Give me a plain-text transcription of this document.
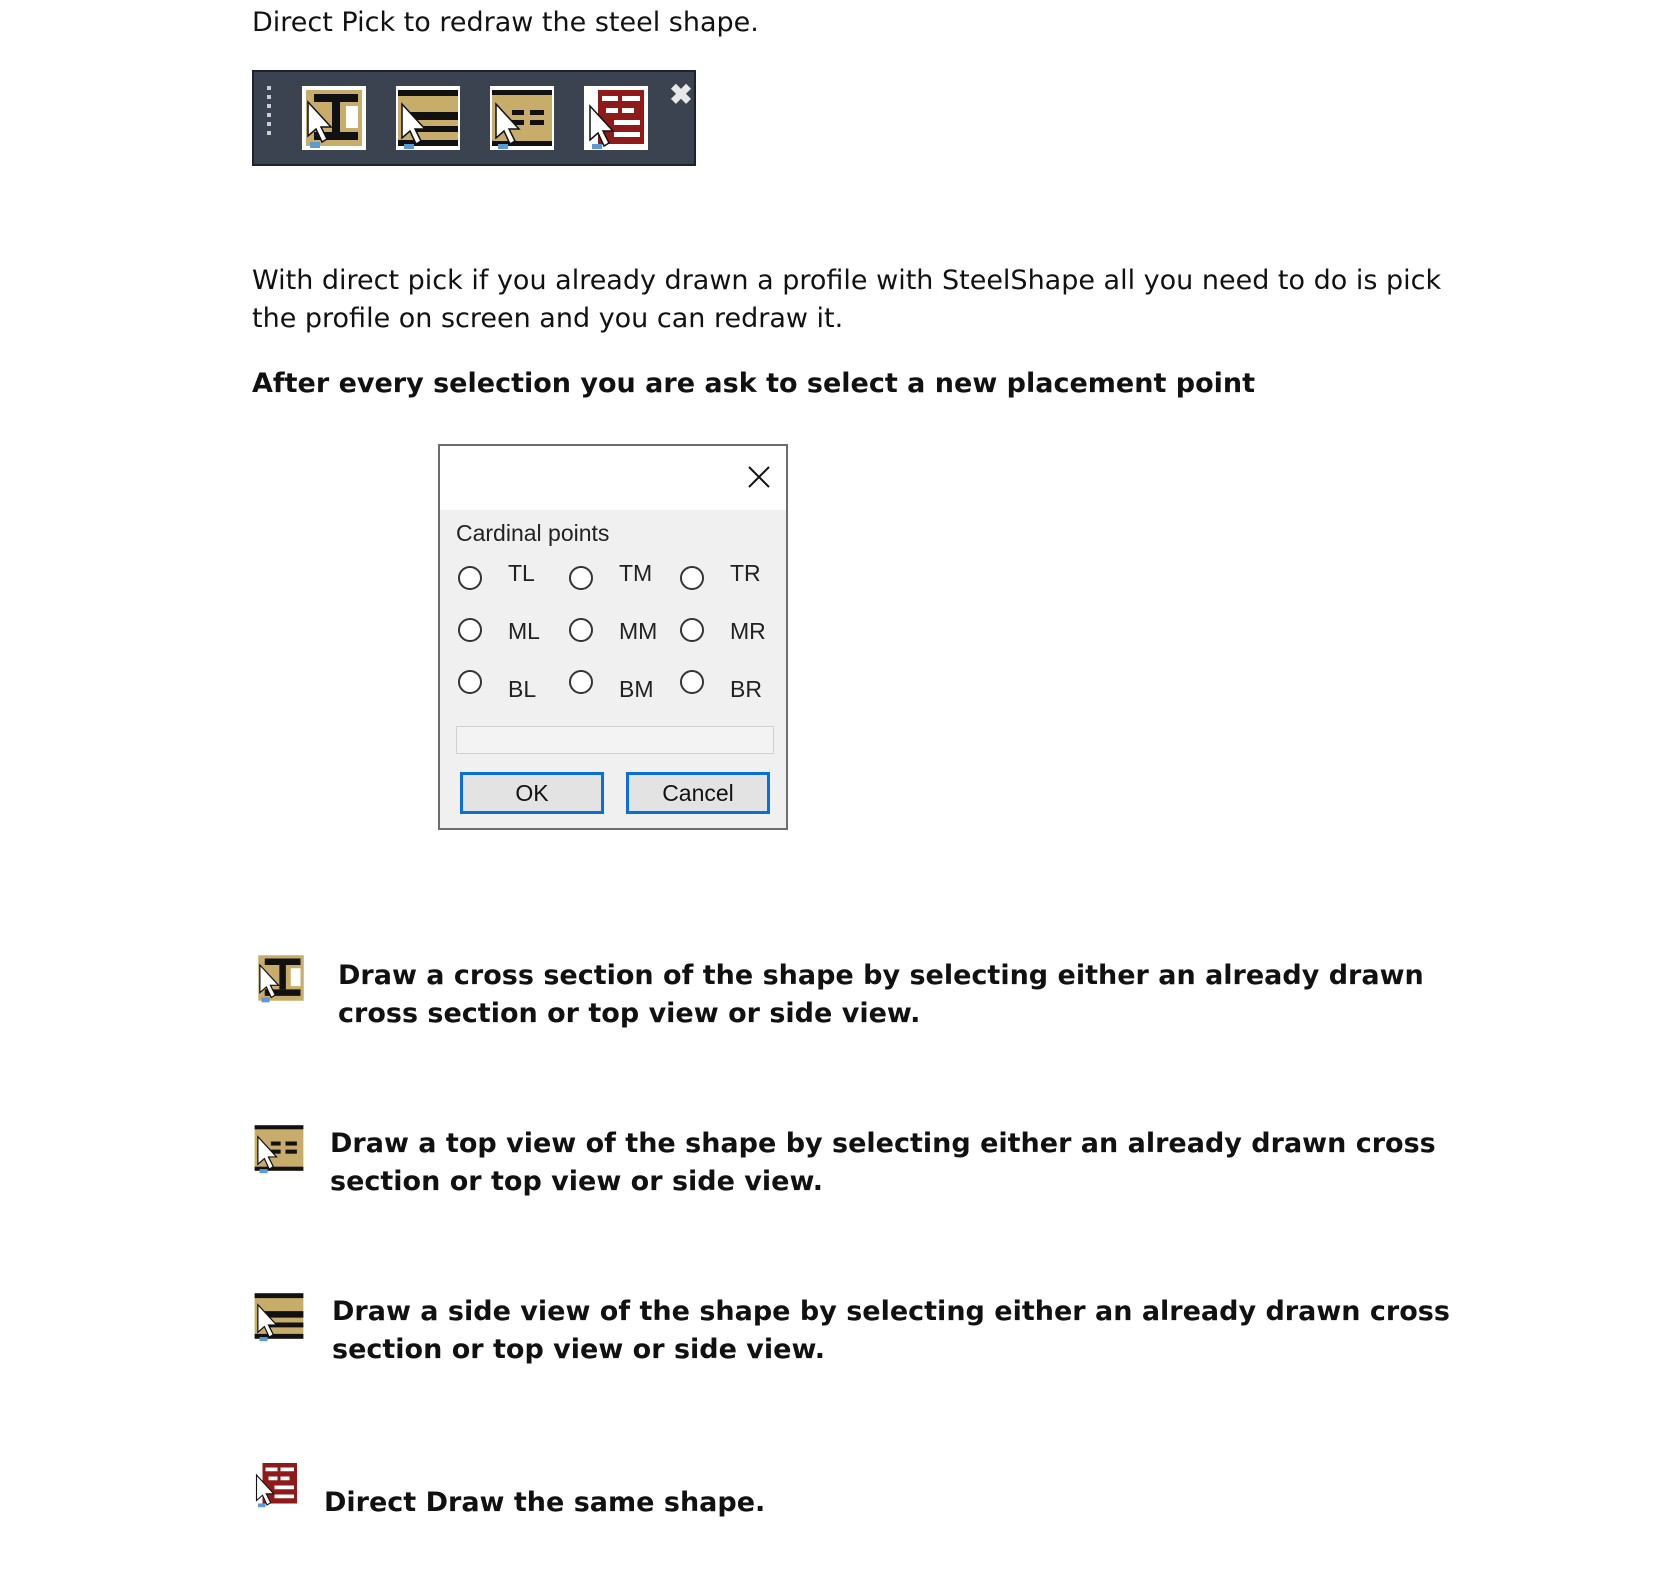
Direct Pick to redraw the steel shape.
✖
With direct pick if you already drawn a profile with SteelShape all you need to do is pick the profile on screen and you can redraw it.
After every selection you are ask to select a new placement point
Cardinal points
TL	TM	TR
ML	MM	MR
BL	BM	BR
OK	Cancel
Draw a cross section of the shape by selecting either an already drawn cross section or top view or side view.
Draw a top view of the shape by selecting either an already drawn cross section or top view or side view.
Draw a side view of the shape by selecting either an already drawn cross section or top view or side view.
Direct Draw the same shape.
